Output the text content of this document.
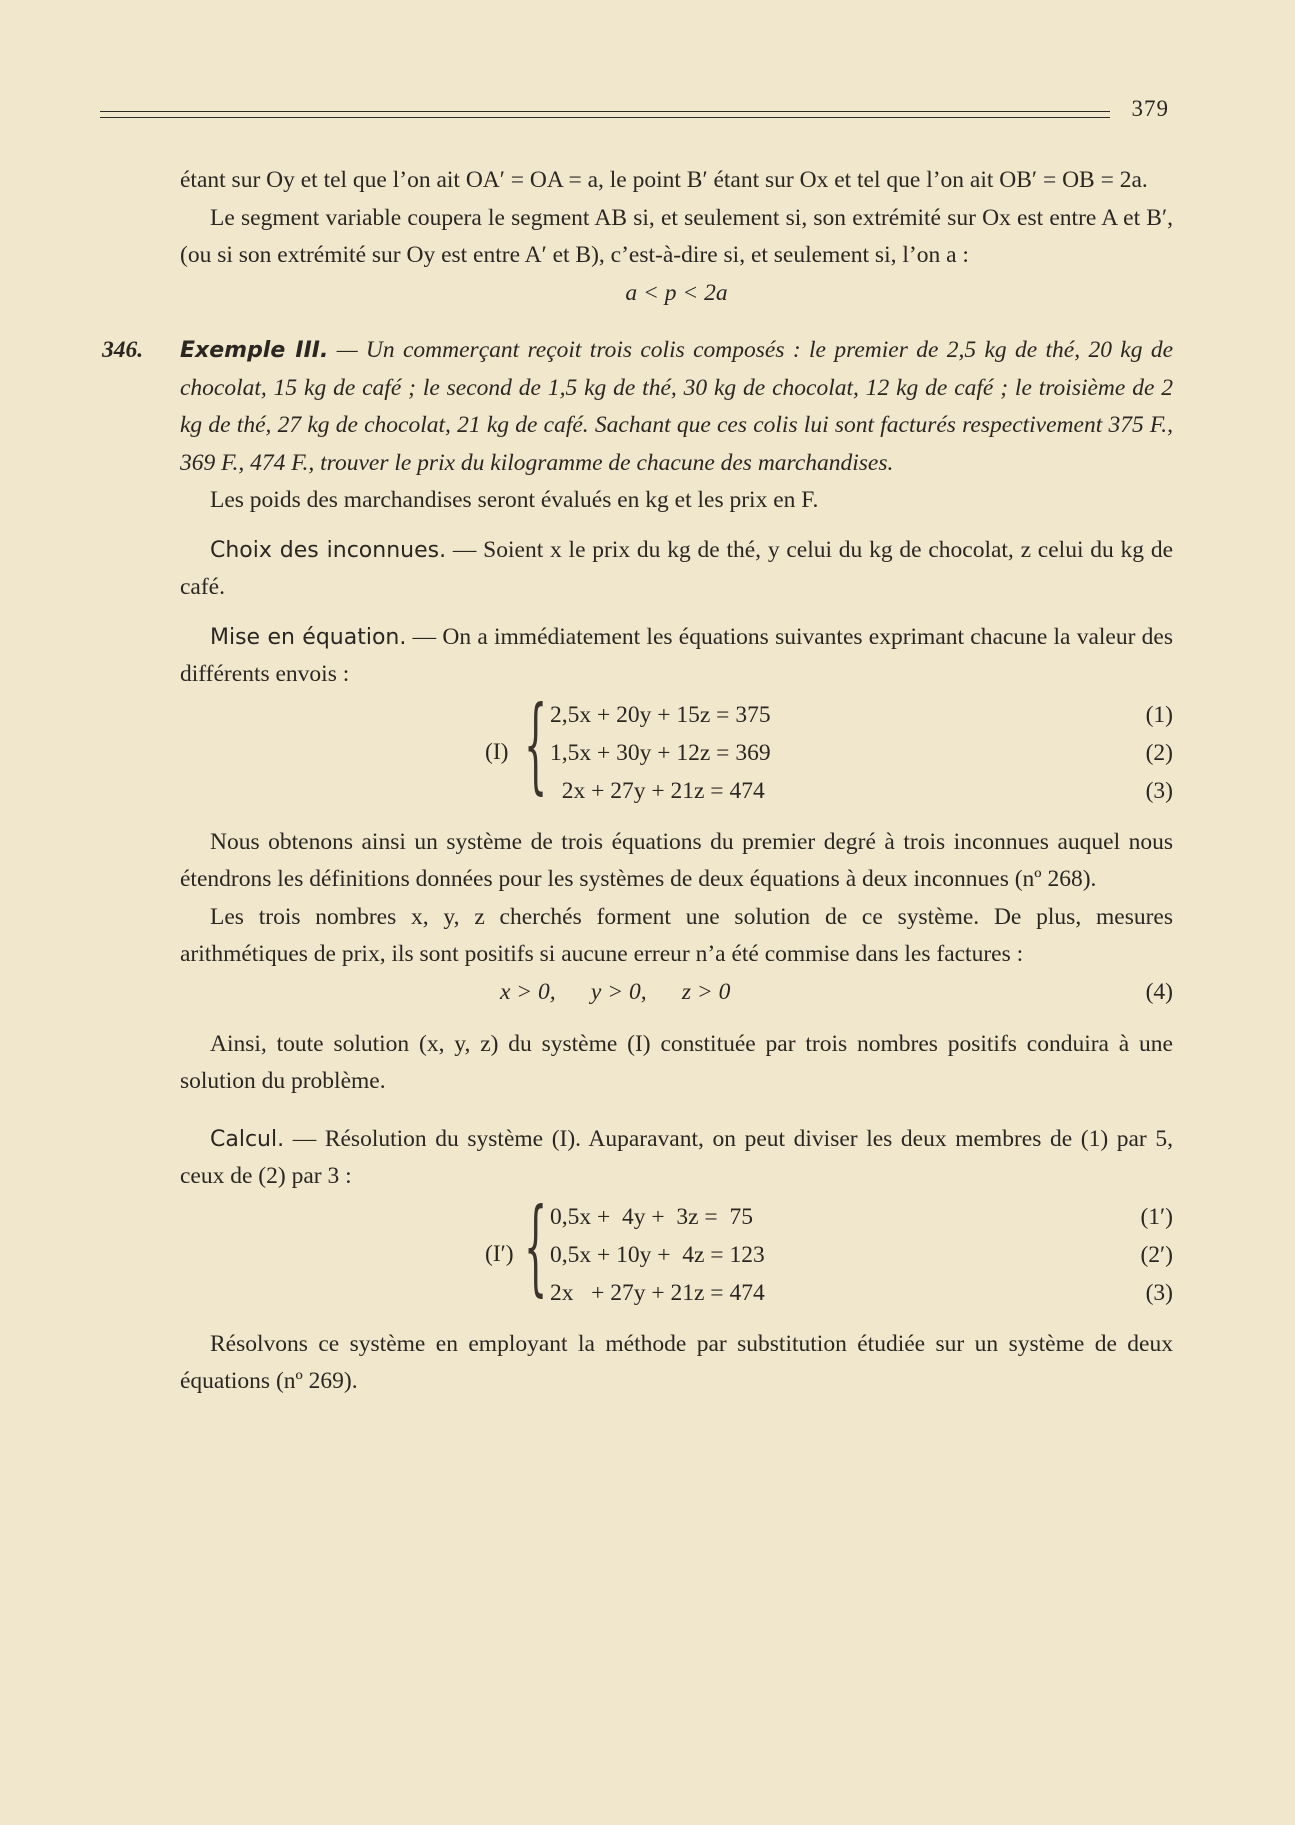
379

étant sur Oy et tel que l’on ait OA′ = OA = a, le point B′ étant sur Ox et tel que l’on ait OB′ = OB = 2a.

Le segment variable coupera le segment AB si, et seulement si, son extrémité sur Ox est entre A et B′, (ou si son extrémité sur Oy est entre A′ et B), c’est-à-dire si, et seulement si, l’on a :

a < p < 2a

346. Exemple III. — Un commerçant reçoit trois colis composés : le premier de 2,5 kg de thé, 20 kg de chocolat, 15 kg de café ; le second de 1,5 kg de thé, 30 kg de chocolat, 12 kg de café ; le troisième de 2 kg de thé, 27 kg de chocolat, 21 kg de café. Sachant que ces colis lui sont facturés respectivement 375 F., 369 F., 474 F., trouver le prix du kilogramme de chacune des marchandises.

Les poids des marchandises seront évalués en kg et les prix en F.

Choix des inconnues. — Soient x le prix du kg de thé, y celui du kg de chocolat, z celui du kg de café.

Mise en équation. — On a immédiatement les équations suivantes exprimant chacune la valeur des différents envois :

(I) { 2,5x + 20y + 15z = 375
1,5x + 30y + 12z = 369
2x + 27y + 21z = 474
(1)
(2)
(3)

Nous obtenons ainsi un système de trois équations du premier degré à trois inconnues auquel nous étendrons les définitions données pour les systèmes de deux équations à deux inconnues (nº 268).

Les trois nombres x, y, z cherchés forment une solution de ce système. De plus, mesures arithmétiques de prix, ils sont positifs si aucune erreur n’a été commise dans les factures :

x > 0,      y > 0,      z > 0	(4)

Ainsi, toute solution (x, y, z) du système (I) constituée par trois nombres positifs conduira à une solution du problème.

Calcul. — Résolution du système (I). Auparavant, on peut diviser les deux membres de (1) par 5, ceux de (2) par 3 :

(I′) { 0,5x +  4y +  3z =  75
0,5x + 10y +  4z = 123
2x   + 27y + 21z = 474
(1′)
(2′)
(3)

Résolvons ce système en employant la méthode par substitution étudiée sur un système de deux équations (nº 269).
